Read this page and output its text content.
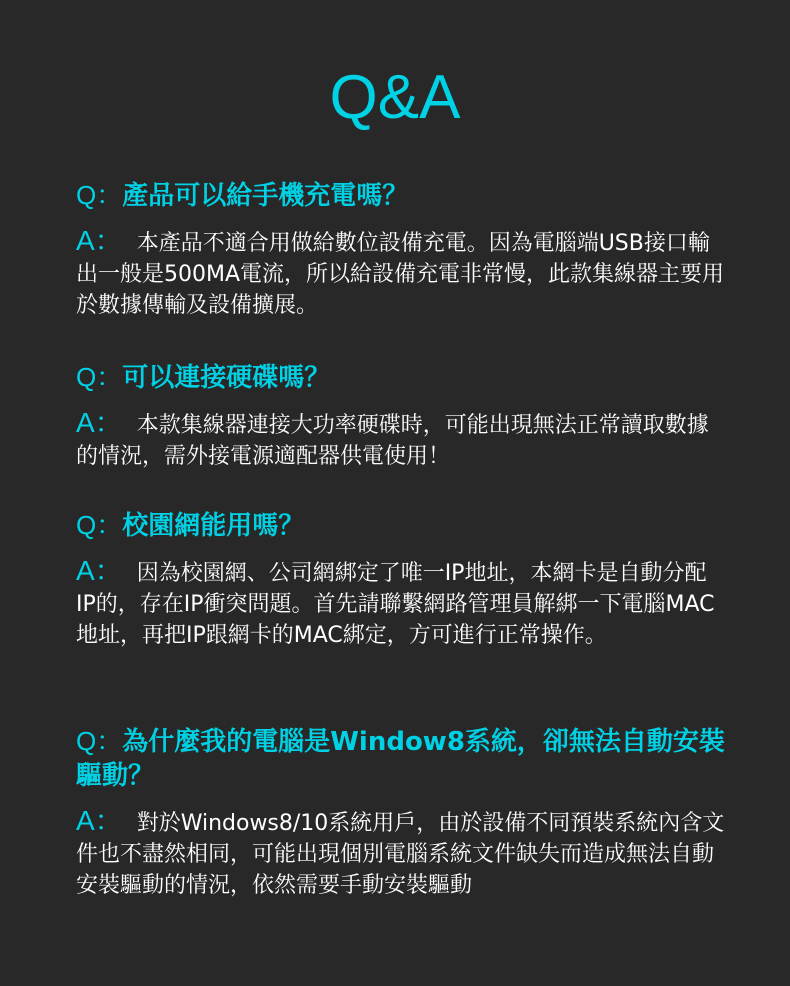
Q&A

Q：產品可以給手機充電嗎？

A： 本產品不適合用做給數位設備充電。因為電腦端USB接口輸出一般是500MA電流，所以給設備充電非常慢，此款集線器主要用於數據傳輸及設備擴展。

Q：可以連接硬碟嗎？

A： 本款集線器連接大功率硬碟時，可能出現無法正常讀取數據的情況，需外接電源適配器供電使用！

Q：校園網能用嗎？

A： 因為校園網、公司網綁定了唯一IP地址，本網卡是自動分配IP的，存在IP衝突問題。首先請聯繫網路管理員解綁一下電腦MAC地址，再把IP跟網卡的MAC綁定，方可進行正常操作。

Q：為什麼我的電腦是Window8系統，卻無法自動安裝驅動？

A： 對於Windows8/10系統用戶，由於設備不同預裝系統內含文件也不盡然相同，可能出現個別電腦系統文件缺失而造成無法自動安裝驅動的情況，依然需要手動安裝驅動
